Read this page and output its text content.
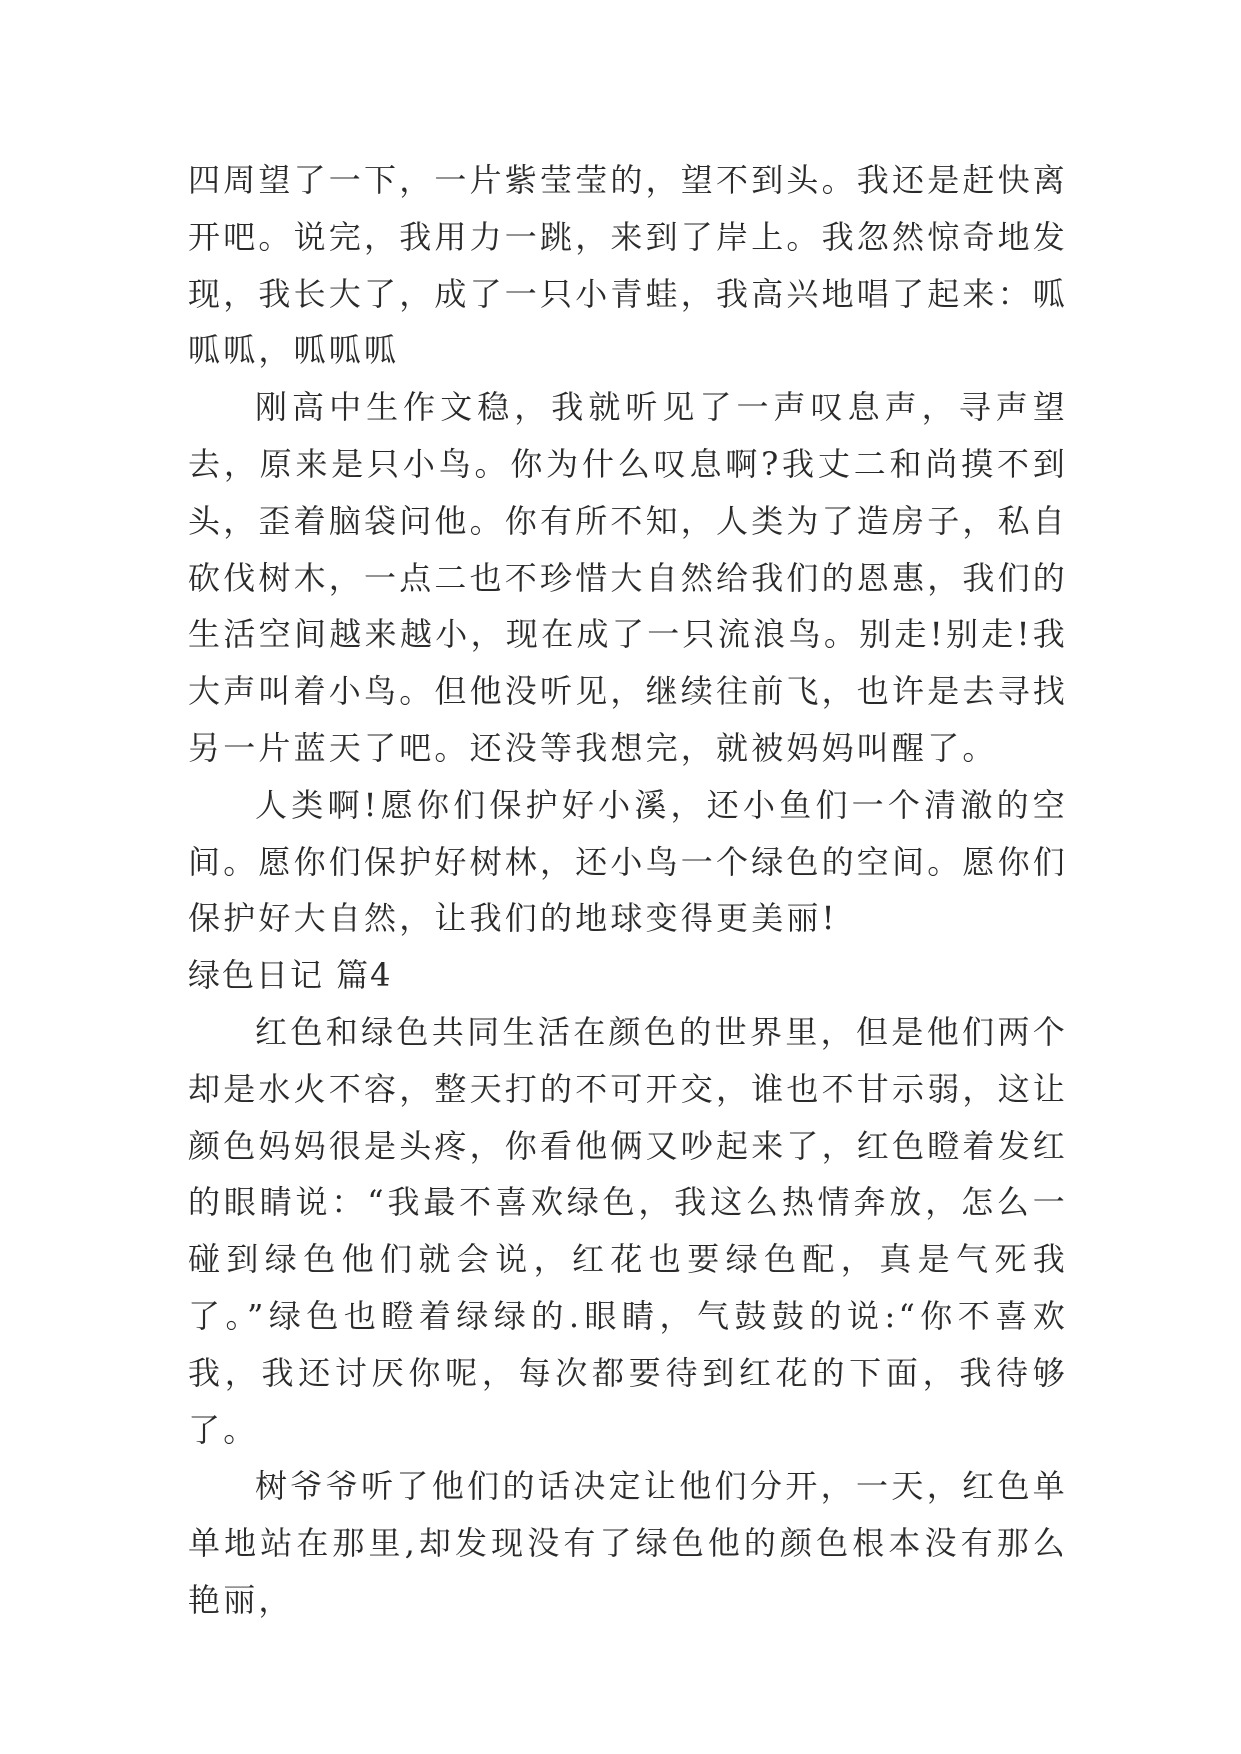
四周望了一下，一片紫莹莹的，望不到头。我还是赶快离开吧。说完，我用力一跳，来到了岸上。我忽然惊奇地发现，我长大了，成了一只小青蛙，我高兴地唱了起来：呱呱呱，呱呱呱

刚高中生作文稳，我就听见了一声叹息声，寻声望去，原来是只小鸟。你为什么叹息啊?我丈二和尚摸不到头，歪着脑袋问他。你有所不知，人类为了造房子，私自砍伐树木，一点二也不珍惜大自然给我们的恩惠，我们的生活空间越来越小，现在成了一只流浪鸟。别走!别走!我大声叫着小鸟。但他没听见，继续往前飞，也许是去寻找另一片蓝天了吧。还没等我想完，就被妈妈叫醒了。

人类啊!愿你们保护好小溪，还小鱼们一个清澈的空间。愿你们保护好树林，还小鸟一个绿色的空间。愿你们保护好大自然，让我们的地球变得更美丽!

绿色日记 篇4

红色和绿色共同生活在颜色的世界里，但是他们两个却是水火不容，整天打的不可开交，谁也不甘示弱，这让颜色妈妈很是头疼，你看他俩又吵起来了，红色瞪着发红的眼睛说：“我最不喜欢绿色，我这么热情奔放，怎么一碰到绿色他们就会说，红花也要绿色配，真是气死我了。”绿色也瞪着绿绿的.眼睛，气鼓鼓的说:“你不喜欢我，我还讨厌你呢，每次都要待到红花的下面，我待够了。

树爷爷听了他们的话决定让他们分开，一天，红色单单地站在那里,却发现没有了绿色他的颜色根本没有那么艳丽，
